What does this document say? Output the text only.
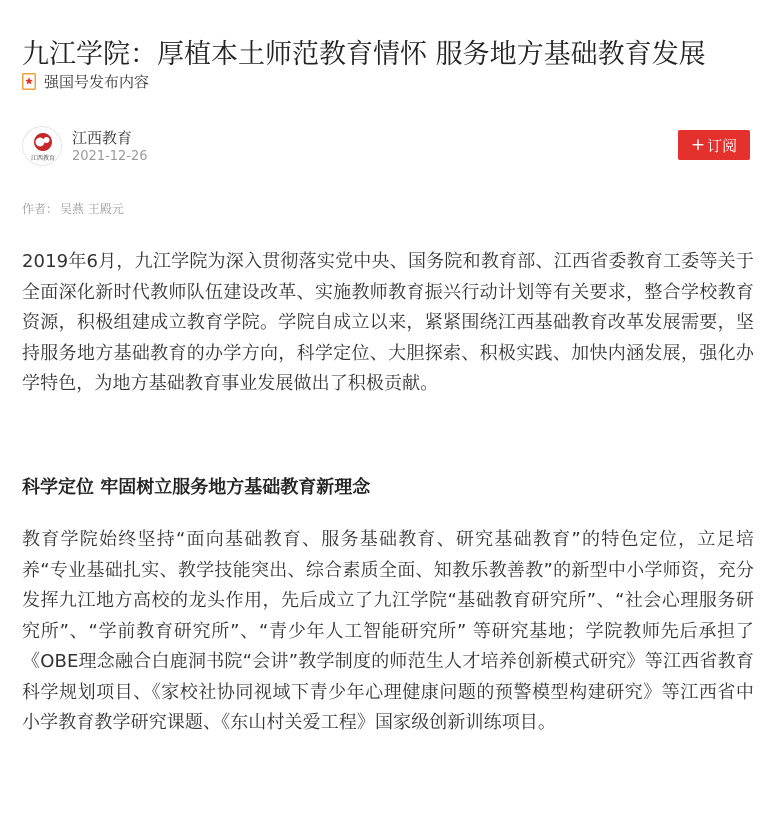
九江学院：厚植本土师范教育情怀 服务地方基础教育发展
强国号发布内容
江西教育
江西教育
2021-12-26
+ 订阅
作者： 吴燕 王殿元

2019年6月，九江学院为深入贯彻落实党中央、国务院和教育部、江西省委教育工委等关于全面深化新时代教师队伍建设改革、实施教师教育振兴行动计划等有关要求，整合学校教育资源，积极组建成立教育学院。学院自成立以来，紧紧围绕江西基础教育改革发展需要，坚持服务地方基础教育的办学方向，科学定位、大胆探索、积极实践、加快内涵发展，强化办学特色，为地方基础教育事业发展做出了积极贡献。

科学定位 牢固树立服务地方基础教育新理念

教育学院始终坚持“面向基础教育、服务基础教育、研究基础教育”的特色定位，立足培养“专业基础扎实、教学技能突出、综合素质全面、知教乐教善教”的新型中小学师资，充分发挥九江地方高校的龙头作用，先后成立了九江学院“基础教育研究所”、“社会心理服务研究所”、“学前教育研究所”、“青少年人工智能研究所” 等研究基地；学院教师先后承担了《OBE理念融合白鹿洞书院“会讲”教学制度的师范生人才培养创新模式研究》等江西省教育科学规划项目、《家校社协同视域下青少年心理健康问题的预警模型构建研究》等江西省中小学教育教学研究课题、《东山村关爱工程》国家级创新训练项目。
